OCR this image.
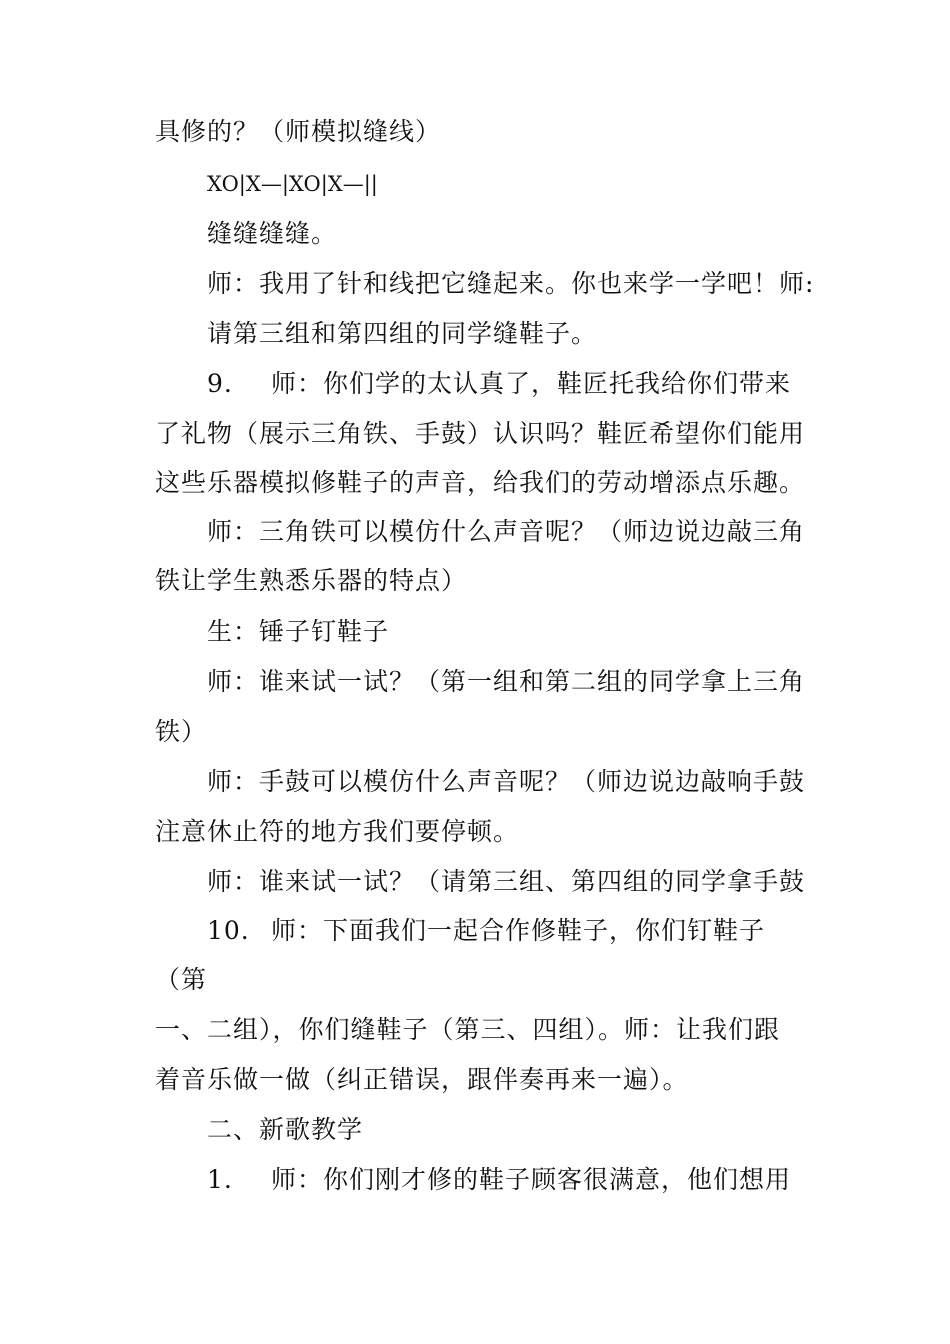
具修的？（师模拟缝线）
XO|X—|XO|X—||
缝缝缝缝。
师：我用了针和线把它缝起来。你也来学一学吧！师:
请第三组和第四组的同学缝鞋子。
9. 师：你们学的太认真了，鞋匠托我给你们带来
了礼物（展示三角铁、手鼓）认识吗？鞋匠希望你们能用
这些乐器模拟修鞋子的声音，给我们的劳动增添点乐趣。
师：三角铁可以模仿什么声音呢？（师边说边敲三角
铁让学生熟悉乐器的特点）
生：锤子钉鞋子
师：谁来试一试？（第一组和第二组的同学拿上三角
铁）
师：手鼓可以模仿什么声音呢？（师边说边敲响手鼓
注意休止符的地方我们要停顿。
师：谁来试一试？（请第三组、第四组的同学拿手鼓
10. 师：下面我们一起合作修鞋子，你们钉鞋子
（第
一、二组），你们缝鞋子（第三、四组）。师：让我们跟
着音乐做一做（纠正错误，跟伴奏再来一遍）。
二、新歌教学
1. 师：你们刚才修的鞋子顾客很满意，他们想用
